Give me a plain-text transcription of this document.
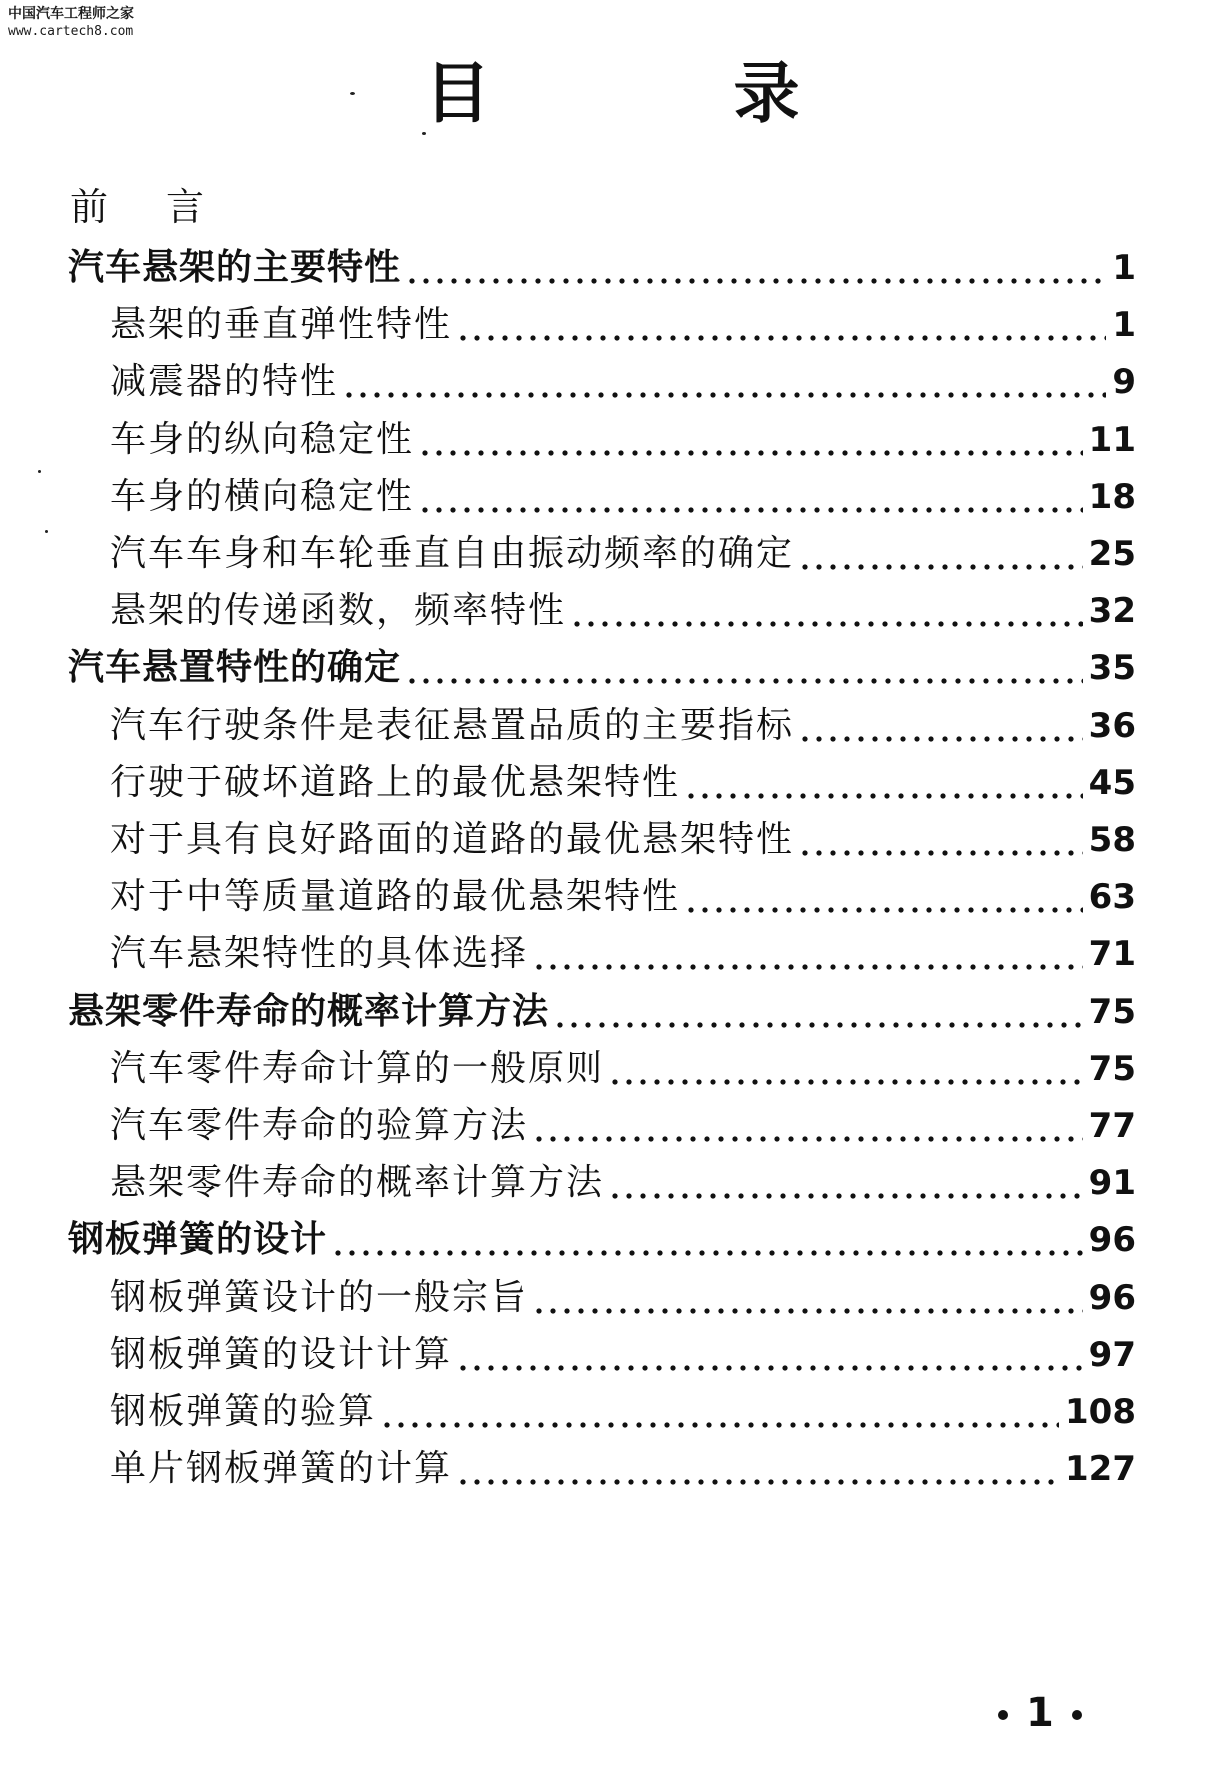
中国汽车工程师之家
www.cartech8.com
目 录
前言
汽车悬架的主要特性	1
悬架的垂直弹性特性	1
减震器的特性	9
车身的纵向稳定性	11
车身的横向稳定性	18
汽车车身和车轮垂直自由振动频率的确定	25
悬架的传递函数，频率特性	32
汽车悬置特性的确定	35
汽车行驶条件是表征悬置品质的主要指标	36
行驶于破坏道路上的最优悬架特性	45
对于具有良好路面的道路的最优悬架特性	58
对于中等质量道路的最优悬架特性	63
汽车悬架特性的具体选择	71
悬架零件寿命的概率计算方法	75
汽车零件寿命计算的一般原则	75
汽车零件寿命的验算方法	77
悬架零件寿命的概率计算方法	91
钢板弹簧的设计	96
钢板弹簧设计的一般宗旨	96
钢板弹簧的设计计算	97
钢板弹簧的验算	108
单片钢板弹簧的计算	127
1
